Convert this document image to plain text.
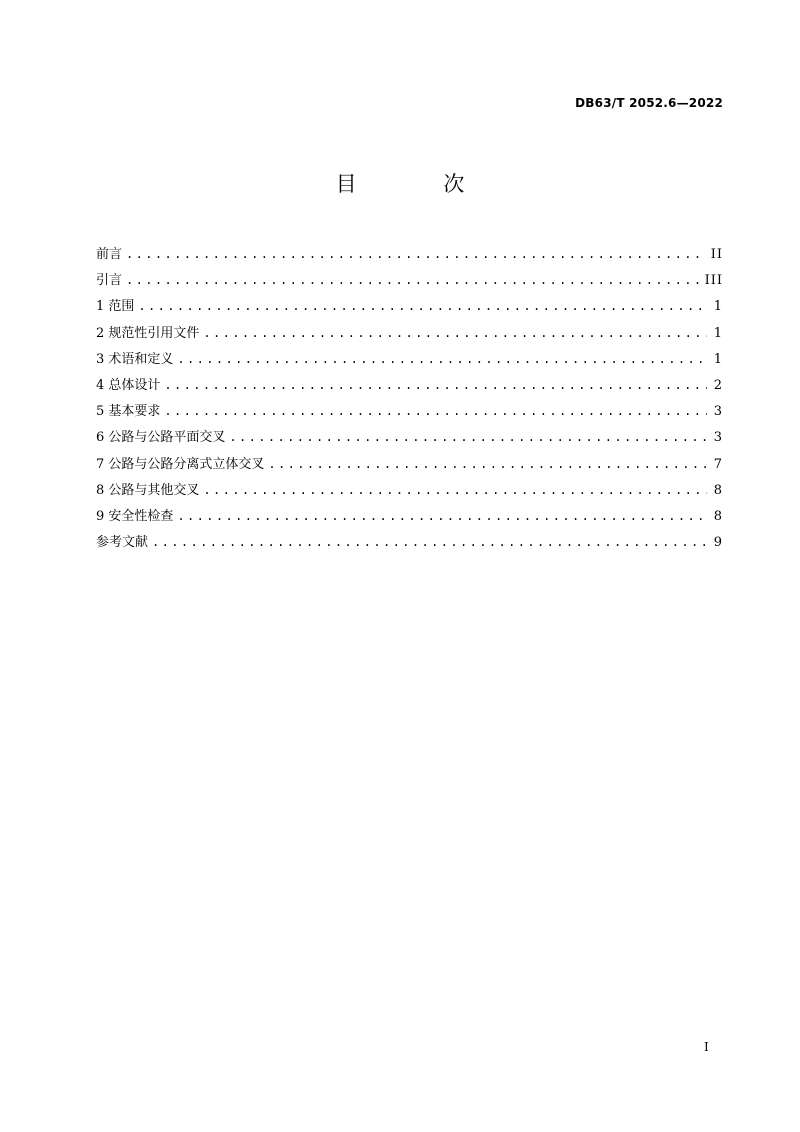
DB63/T 2052.6—2022
目 次
前言 .....	II
引言 .....	III
1 范围 .....	1
2 规范性引用文件 .....	1
3 术语和定义 .....	1
4 总体设计 .....	2
5 基本要求 .....	3
6 公路与公路平面交叉 .....	3
7 公路与公路分离式立体交叉 .....	7
8 公路与其他交叉 .....	8
9 安全性检查 .....	8
参考文献 .....	9
I
